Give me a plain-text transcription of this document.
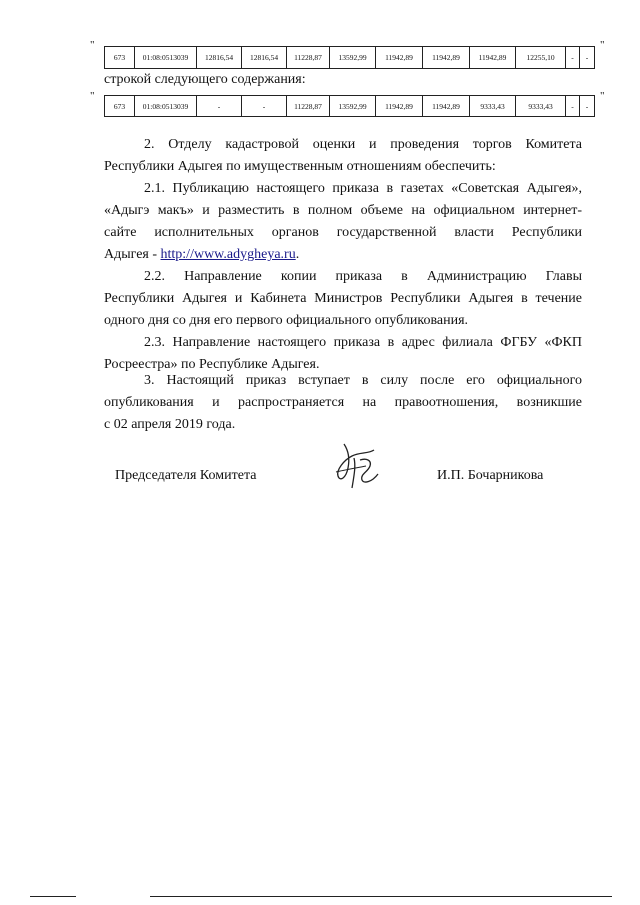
"	"
673	01:08:0513039	12816,54	12816,54	11228,87	13592,99	11942,89	11942,89	11942,89	12255,10	-	-
строкой следующего содержания:
"	"
673	01:08:0513039	-	-	11228,87	13592,99	11942,89	11942,89	9333,43	9333,43	-	-
2. Отделу кадастровой оценки и проведения торгов Комитета
Республики Адыгея по имущественным отношениям обеспечить:
2.1. Публикацию настоящего приказа в газетах «Советская Адыгея»,
«Адыгэ макъ» и разместить в полном объеме на официальном интернет-
сайте исполнительных органов государственной власти Республики
Адыгея - http://www.adygheya.ru.
2.2. Направление копии приказа в Администрацию Главы
Республики Адыгея и Кабинета Министров Республики Адыгея в течение
одного дня со дня его первого официального опубликования.
2.3. Направление настоящего приказа в адрес филиала ФГБУ «ФКП
Росреестра» по Республике Адыгея.
3. Настоящий приказ вступает в силу после его официального
опубликования и распространяется на правоотношения, возникшие
с 02 апреля 2019 года.
Председателя Комитета	И.П. Бочарникова
